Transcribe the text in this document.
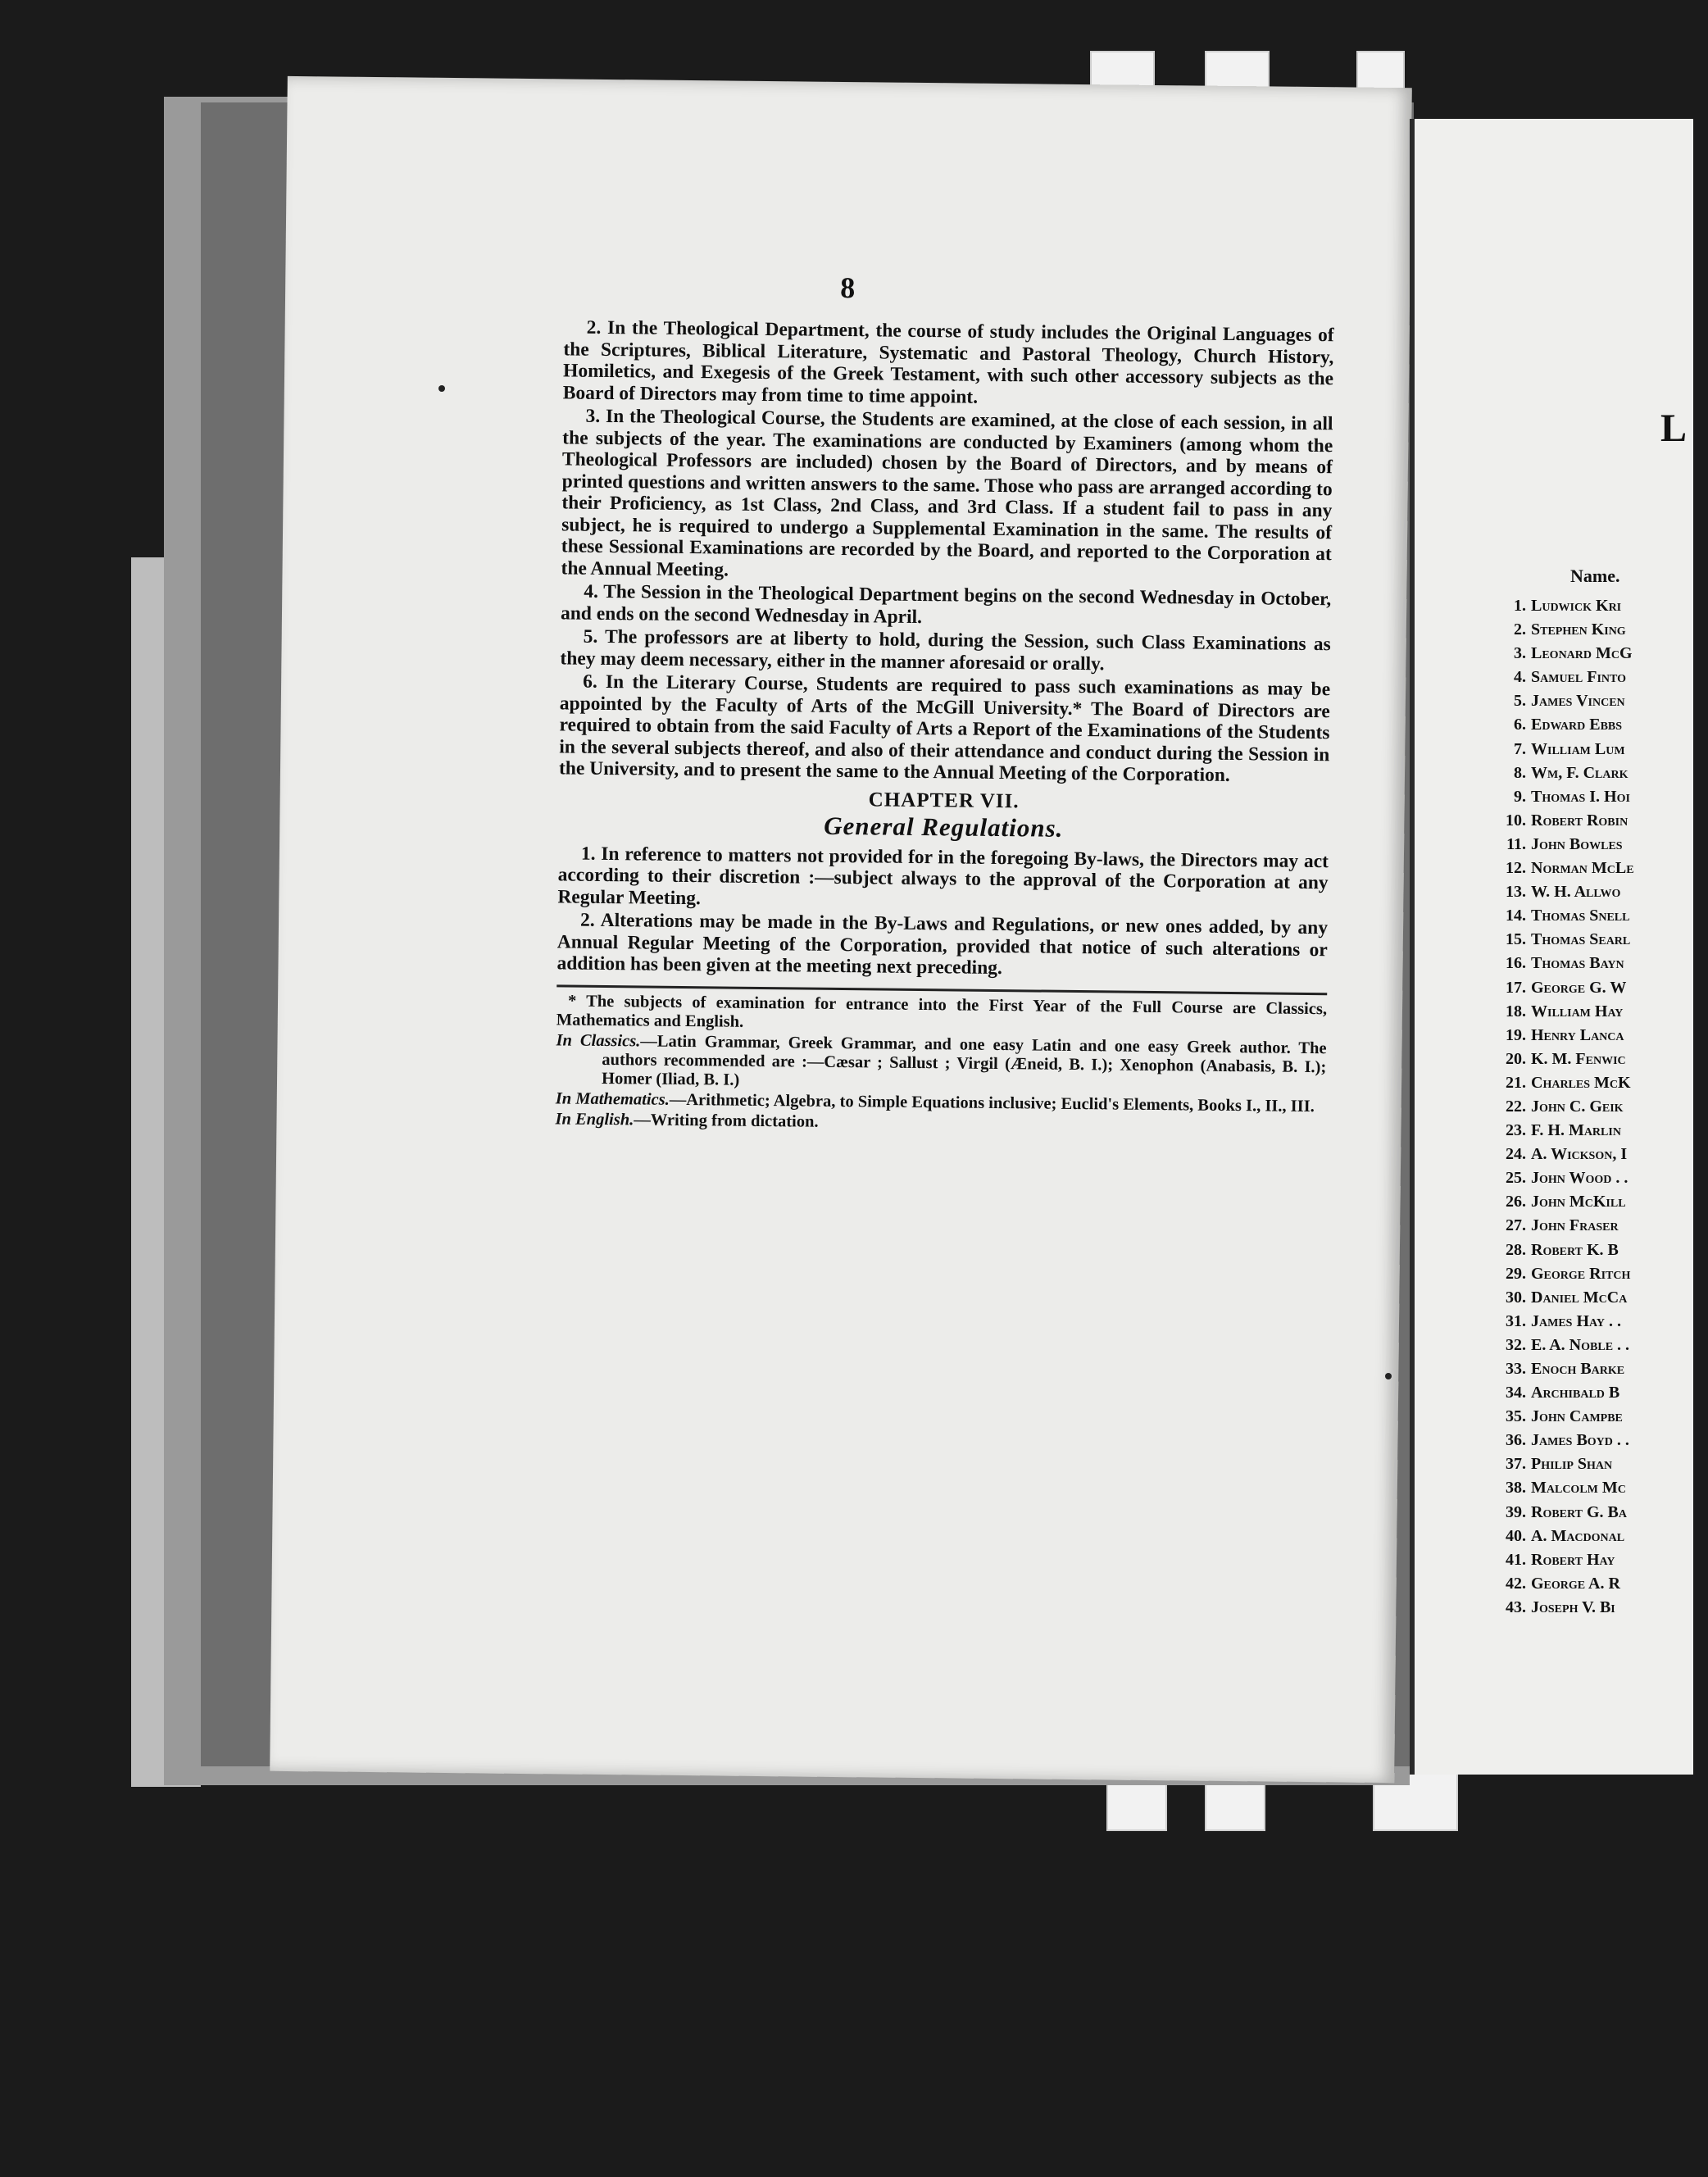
8

2. In the Theological Department, the course of study includes the Original Languages of the Scriptures, Biblical Literature, Systematic and Pastoral Theology, Church History, Homiletics, and Exegesis of the Greek Testament, with such other accessory subjects as the Board of Directors may from time to time appoint.

3. In the Theological Course, the Students are examined, at the close of each session, in all the subjects of the year. The examinations are conducted by Examiners (among whom the Theological Professors are included) chosen by the Board of Directors, and by means of printed questions and written answers to the same. Those who pass are arranged according to their Proficiency, as 1st Class, 2nd Class, and 3rd Class. If a student fail to pass in any subject, he is required to undergo a Supplemental Examination in the same. The results of these Sessional Examinations are recorded by the Board, and reported to the Corporation at the Annual Meeting.

4. The Session in the Theological Department begins on the second Wednesday in October, and ends on the second Wednesday in April.

5. The professors are at liberty to hold, during the Session, such Class Examinations as they may deem necessary, either in the manner aforesaid or orally.

6. In the Literary Course, Students are required to pass such examinations as may be appointed by the Faculty of Arts of the McGill University.* The Board of Directors are required to obtain from the said Faculty of Arts a Report of the Examinations of the Students in the several subjects thereof, and also of their attendance and conduct during the Session in the University, and to present the same to the Annual Meeting of the Corporation.

CHAPTER VII.
General Regulations.

1. In reference to matters not provided for in the foregoing By-laws, the Directors may act according to their discretion :—subject always to the approval of the Corporation at any Regular Meeting.

2. Alterations may be made in the By-Laws and Regulations, or new ones added, by any Annual Regular Meeting of the Corporation, provided that notice of such alterations or addition has been given at the meeting next preceding.

* The subjects of examination for entrance into the First Year of the Full Course are Classics, Mathematics and English.

In Classics.—Latin Grammar, Greek Grammar, and one easy Latin and one easy Greek author. The authors recommended are :—Cæsar ; Sallust ; Virgil (Æneid, B. I.); Xenophon (Anabasis, B. I.); Homer (Iliad, B. I.)

In Mathematics.—Arithmetic; Algebra, to Simple Equations inclusive; Euclid's Elements, Books I., II., III.

In English.—Writing from dictation.

L
Name.
1. Ludwick Kri
2. Stephen King
3. Leonard McG
4. Samuel Finto
5. James Vincen
6. Edward Ebbs
7. William Lum
8. Wm, F. Clark
9. Thomas I. Hoi
10. Robert Robin
11. John Bowles
12. Norman McLe
13. W. H. Allwo
14. Thomas Snell
15. Thomas Searl
16. Thomas Bayn
17. George G. W
18. William Hay
19. Henry Lanca
20. K. M. Fenwic
21. Charles McK
22. John C. Geik
23. F. H. Marlin
24. A. Wickson, I
25. John Wood . .
26. John McKill
27. John Fraser
28. Robert K. B
29. George Ritch
30. Daniel McCa
31. James Hay . .
32. E. A. Noble . .
33. Enoch Barke
34. Archibald B
35. John Campbe
36. James Boyd . .
37. Philip Shan
38. Malcolm Mc
39. Robert G. Ba
40. A. Macdonal
41. Robert Hay
42. George A. R
43. Joseph V. Bi
